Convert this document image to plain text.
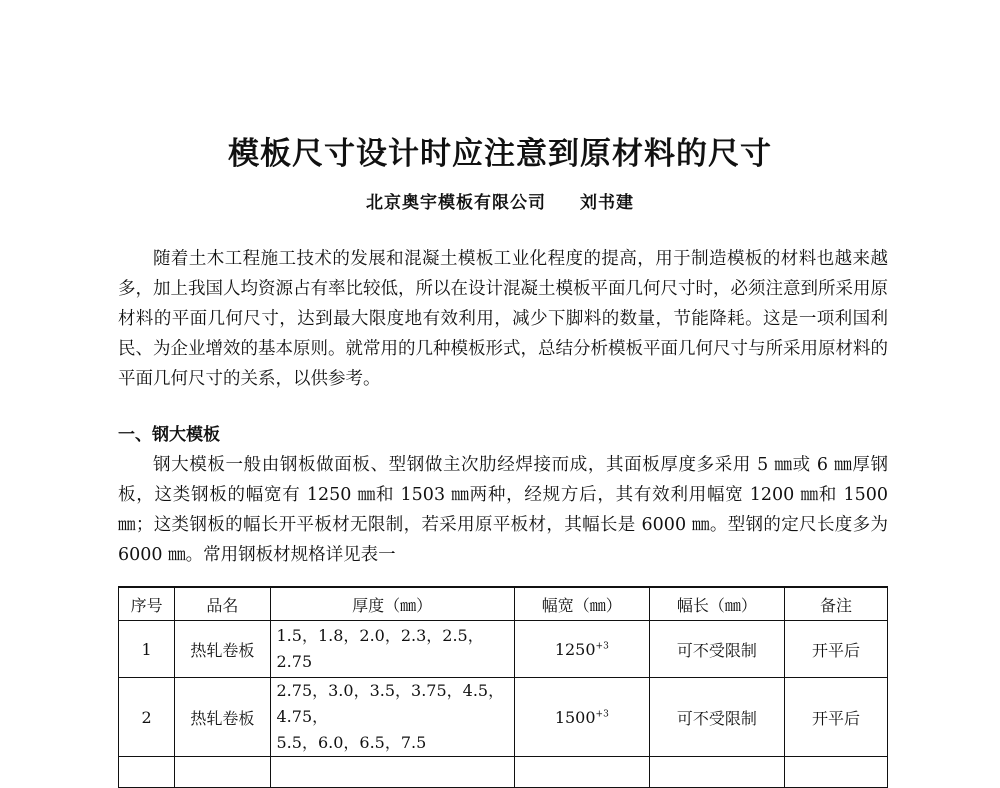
模板尺寸设计时应注意到原材料的尺寸
北京奥宇模板有限公司 刘书建

随着土木工程施工技术的发展和混凝土模板工业化程度的提高，用于制造模板的材料也越来越多，加上我国人均资源占有率比较低，所以在设计混凝土模板平面几何尺寸时，必须注意到所采用原材料的平面几何尺寸，达到最大限度地有效利用，减少下脚料的数量，节能降耗。这是一项利国利民、为企业增效的基本原则。就常用的几种模板形式，总结分析模板平面几何尺寸与所采用原材料的平面几何尺寸的关系，以供参考。

一、钢大模板

钢大模板一般由钢板做面板、型钢做主次肋经焊接而成，其面板厚度多采用 5 ㎜或 6 ㎜厚钢板，这类钢板的幅宽有 1250 ㎜和 1503 ㎜两种，经规方后，其有效利用幅宽 1200 ㎜和 1500 ㎜；这类钢板的幅长开平板材无限制，若采用原平板材，其幅长是 6000 ㎜。型钢的定尺长度多为 6000 ㎜。常用钢板材规格详见表一

序号	品名	厚度（㎜）	幅宽（㎜）	幅长（㎜）	备注
1	热轧卷板	1.5，1.8，2.0，2.3，2.5，2.75	$1250^{+3}$	可不受限制	开平后
2	热轧卷板	2.75，3.0，3.5，3.75，4.5，4.75，
5.5，6.0，6.5，7.5	$1500^{+3}$	可不受限制	开平后
